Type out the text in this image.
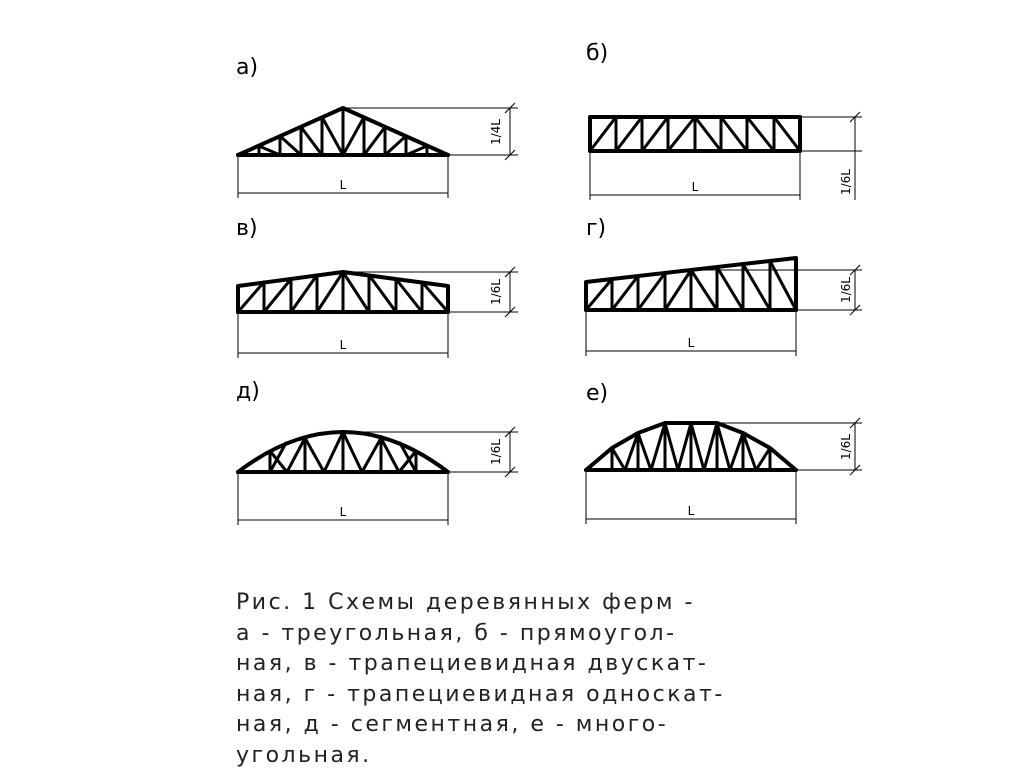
а)
1/4L
L
б)
1/6L
L
в)
1/6L
L
г)
1/6L
L
д)
1/6L
L
е)
1/6L
L
Рис. 1 Схемы деревянных ферм -
а - треугольная, б - прямоугол-
ная, в - трапециевидная двускат-
ная, г - трапециевидная односкат-
ная, д - сегментная, е - много-
угольная.
